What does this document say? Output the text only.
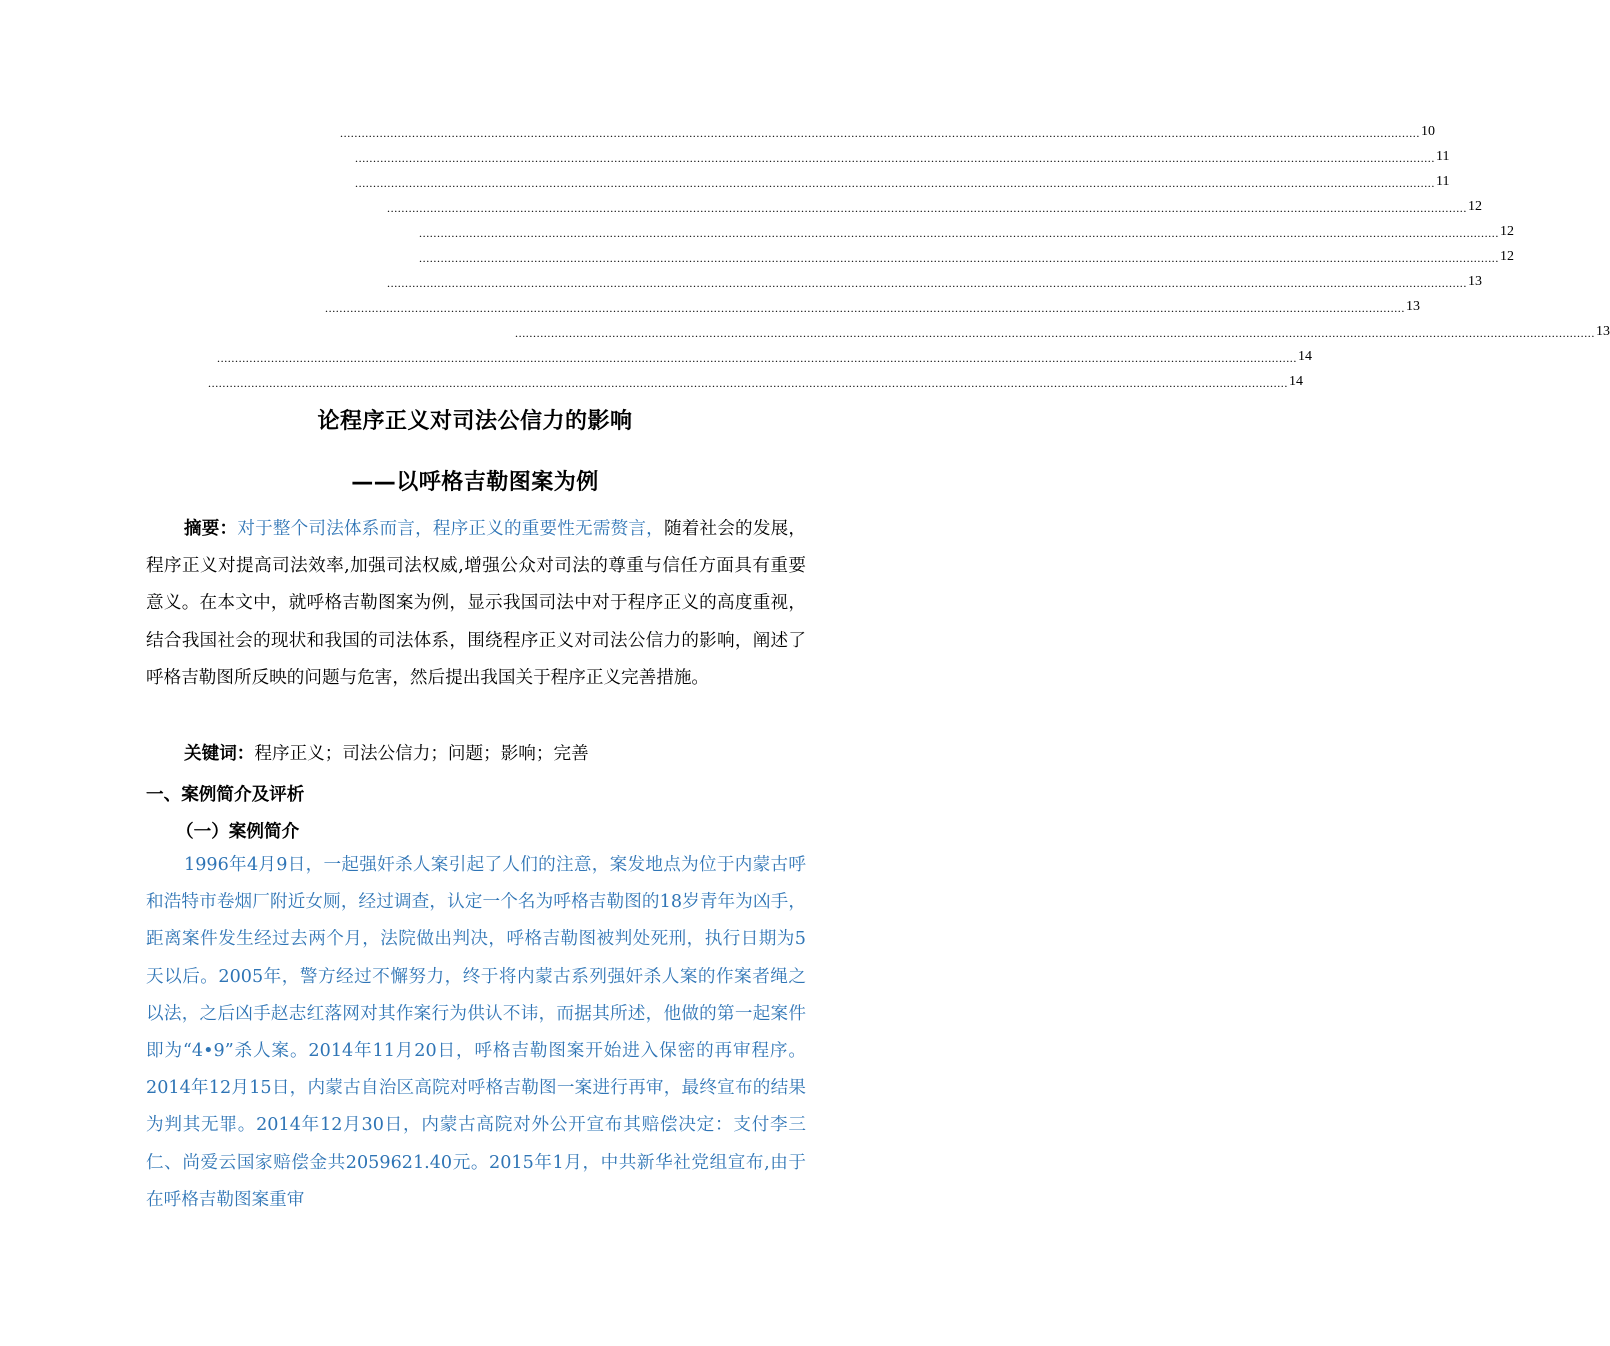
............................................................................................................................................................................................................................................................................................................ 10
............................................................................................................................................................................................................................................................................................................ 11
............................................................................................................................................................................................................................................................................................................ 11
............................................................................................................................................................................................................................................................................................................ 12
............................................................................................................................................................................................................................................................................................................ 12
............................................................................................................................................................................................................................................................................................................ 12
............................................................................................................................................................................................................................................................................................................ 13
............................................................................................................................................................................................................................................................................................................ 13
............................................................................................................................................................................................................................................................................................................ 13
............................................................................................................................................................................................................................................................................................................ 14
............................................................................................................................................................................................................................................................................................................ 14
论程序正义对司法公信力的影响
——以呼格吉勒图案为例

摘要：对于整个司法体系而言，程序正义的重要性无需赘言，随着社会的发展，程序正义对提高司法效率,加强司法权威,增强公众对司法的尊重与信任方面具有重要意义。在本文中，就呼格吉勒图案为例，显示我国司法中对于程序正义的高度重视，结合我国社会的现状和我国的司法体系，围绕程序正义对司法公信力的影响，阐述了呼格吉勒图所反映的问题与危害，然后提出我国关于程序正义完善措施。

关键词：程序正义；司法公信力；问题；影响；完善

一、案例简介及评析
（一）案例简介

1996年4月9日，一起强奸杀人案引起了人们的注意，案发地点为位于内蒙古呼和浩特市卷烟厂附近女厕，经过调查，认定一个名为呼格吉勒图的18岁青年为凶手，距离案件发生经过去两个月，法院做出判决，呼格吉勒图被判处死刑，执行日期为5天以后。2005年，警方经过不懈努力，终于将内蒙古系列强奸杀人案的作案者绳之以法，之后凶手赵志红落网对其作案行为供认不讳，而据其所述，他做的第一起案件即为“4•9”杀人案。2014年11月20日，呼格吉勒图案开始进入保密的再审程序。2014年12月15日，内蒙古自治区高院对呼格吉勒图一案进行再审，最终宣布的结果为判其无罪。2014年12月30日，内蒙古高院对外公开宣布其赔偿决定：支付李三仁、尚爱云国家赔偿金共2059621.40元。2015年1月，中共新华社党组宣布,由于在呼格吉勒图案重审
